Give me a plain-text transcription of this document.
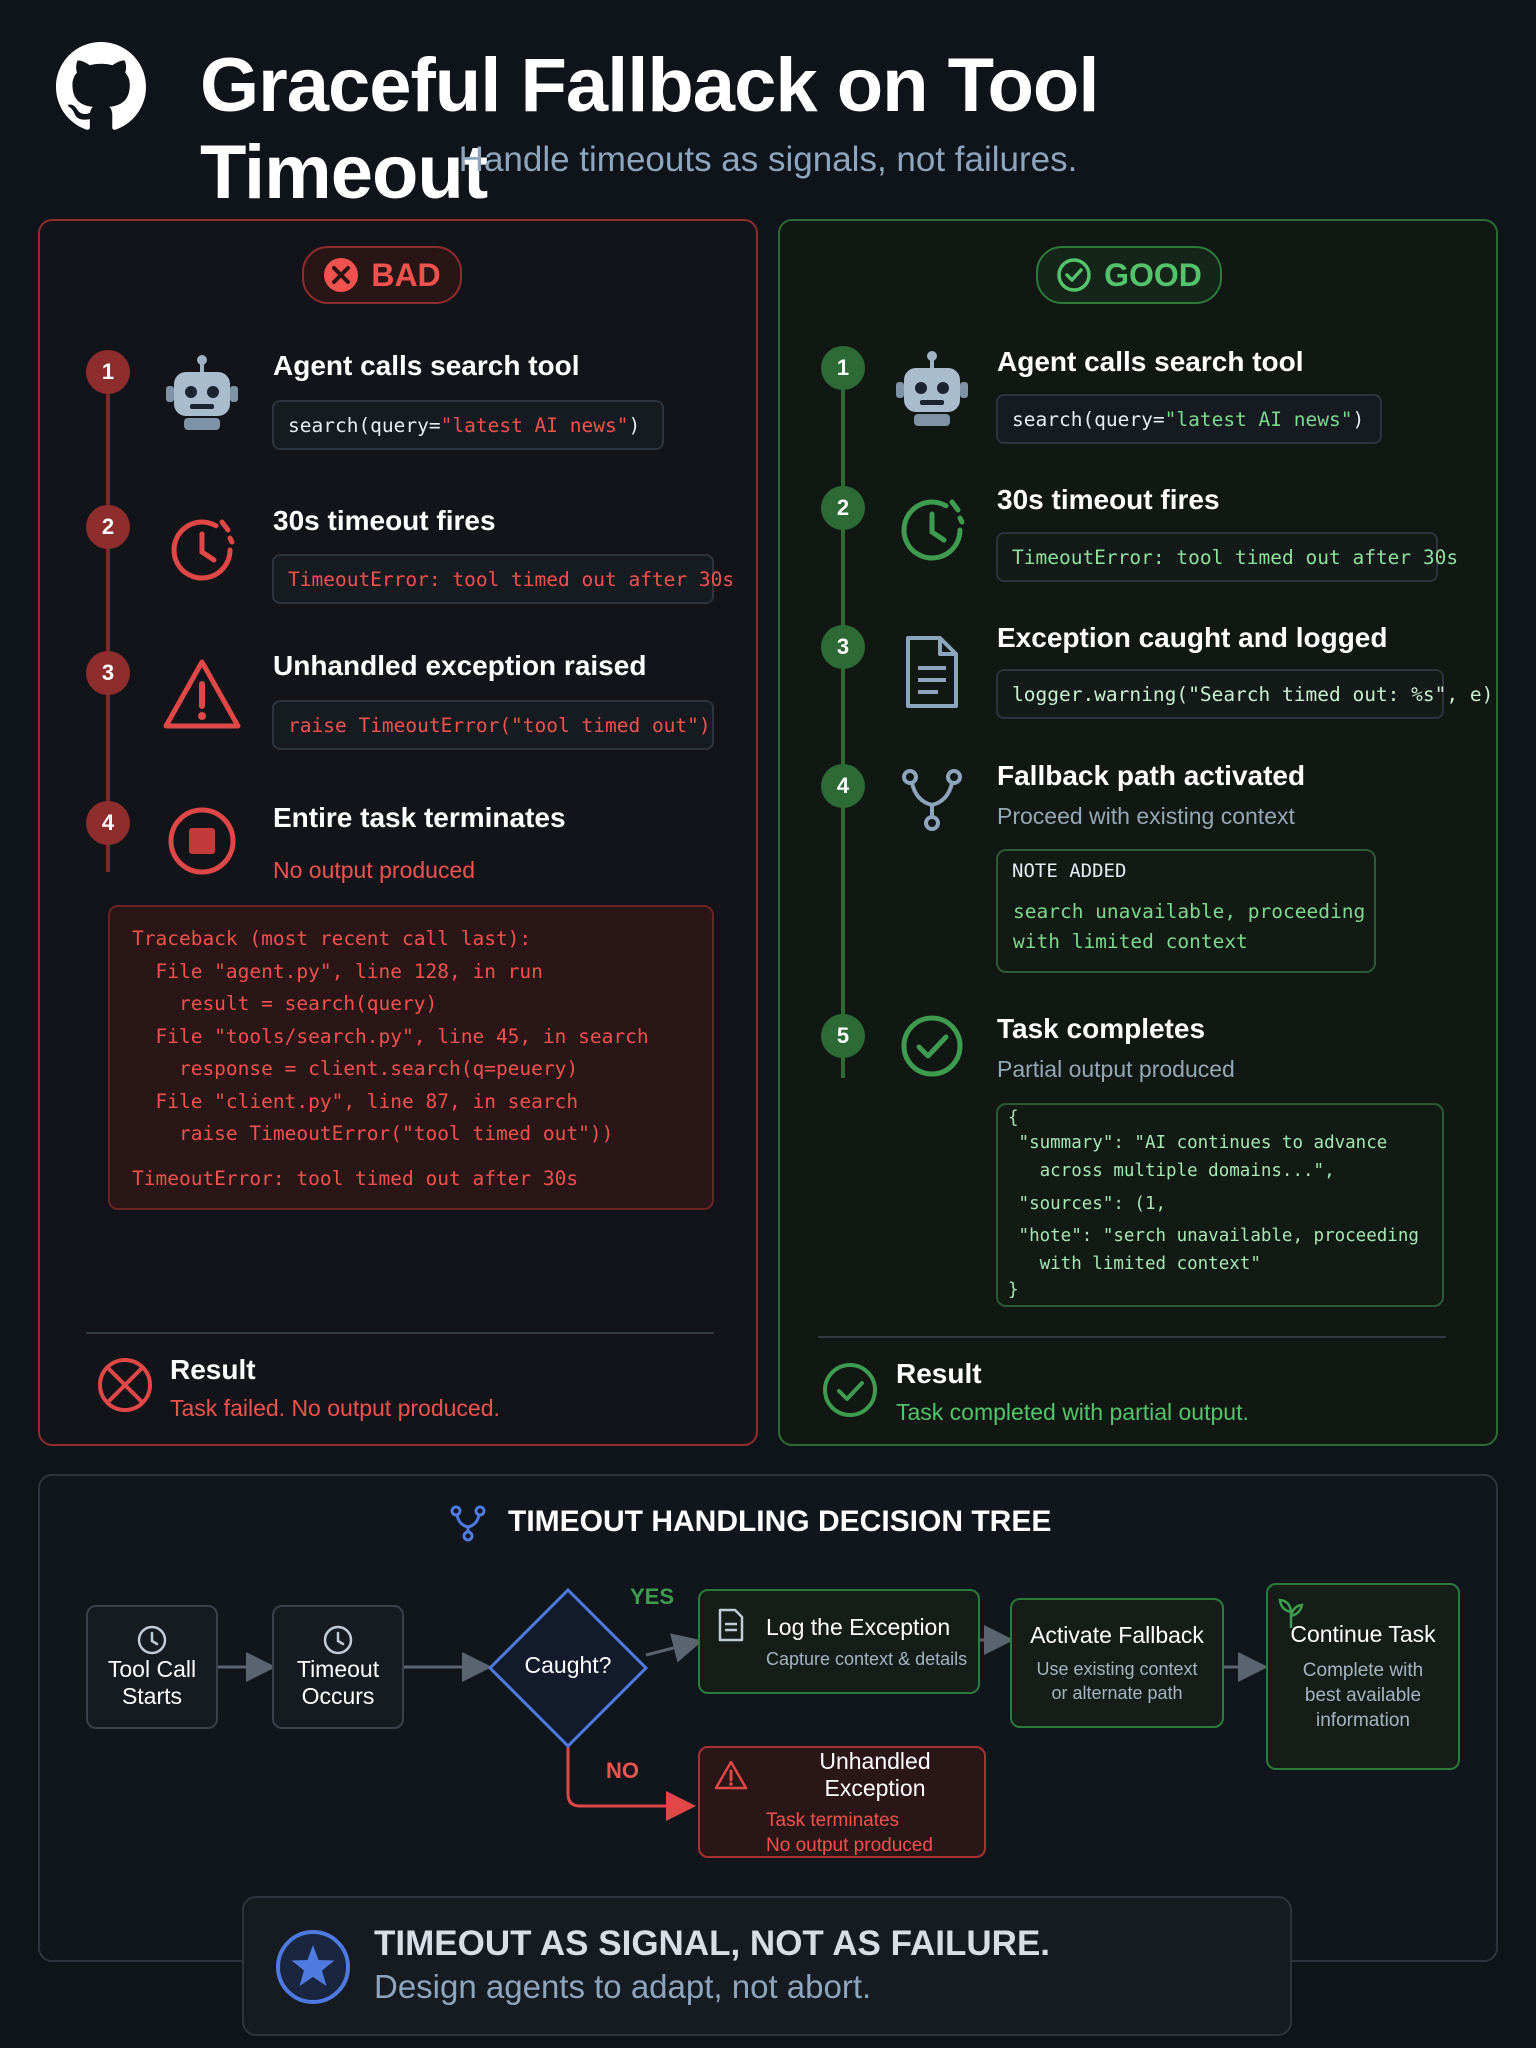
Graceful Fallback on Tool Timeout
Handle timeouts as signals, not failures.
BAD
1	Agent calls search tool
search(query= "latest AI news" )
2	30s timeout fires
TimeoutError: tool timed out after 30s
3	Unhandled exception raised
raise TimeoutError("tool timed out")
4	Entire task terminates
No output produced
Traceback (most recent call last):
File "agent.py", line 128, in run
result = search(query)
File "tools/search.py", line 45, in search
response = client.search(q=peuery)
File "client.py", line 87, in search
raise TimeoutError("tool timed out"))
TimeoutError: tool timed out after 30s
Result
Task failed. No output produced.
GOOD
1	Agent calls search tool
search(query= "latest AI news" )
2	30s timeout fires
TimeoutError: tool timed out after 30s
3	Exception caught and logged
logger.warning("Search timed out: %s", e)
4	Fallback path activated
Proceed with existing context
NOTE ADDED
search unavailable, proceeding
with limited context
5	Task completes
Partial output produced
{
"summary": "AI continues to advance
across multiple domains...",
"sources": (1,
"hote": "serch unavailable, proceeding
with limited context"
}
Result
Task completed with partial output.
TIMEOUT HANDLING DECISION TREE
Tool Call
Starts
Timeout
Occurs
Caught?
YES
NO
Log the Exception
Capture context & details
Activate Fallback
Use existing context
or alternate path
Continue Task
Complete with
best available
information
Unhandled Exception
Task terminates
No output produced
TIMEOUT AS SIGNAL, NOT AS FAILURE.
Design agents to adapt, not abort.
